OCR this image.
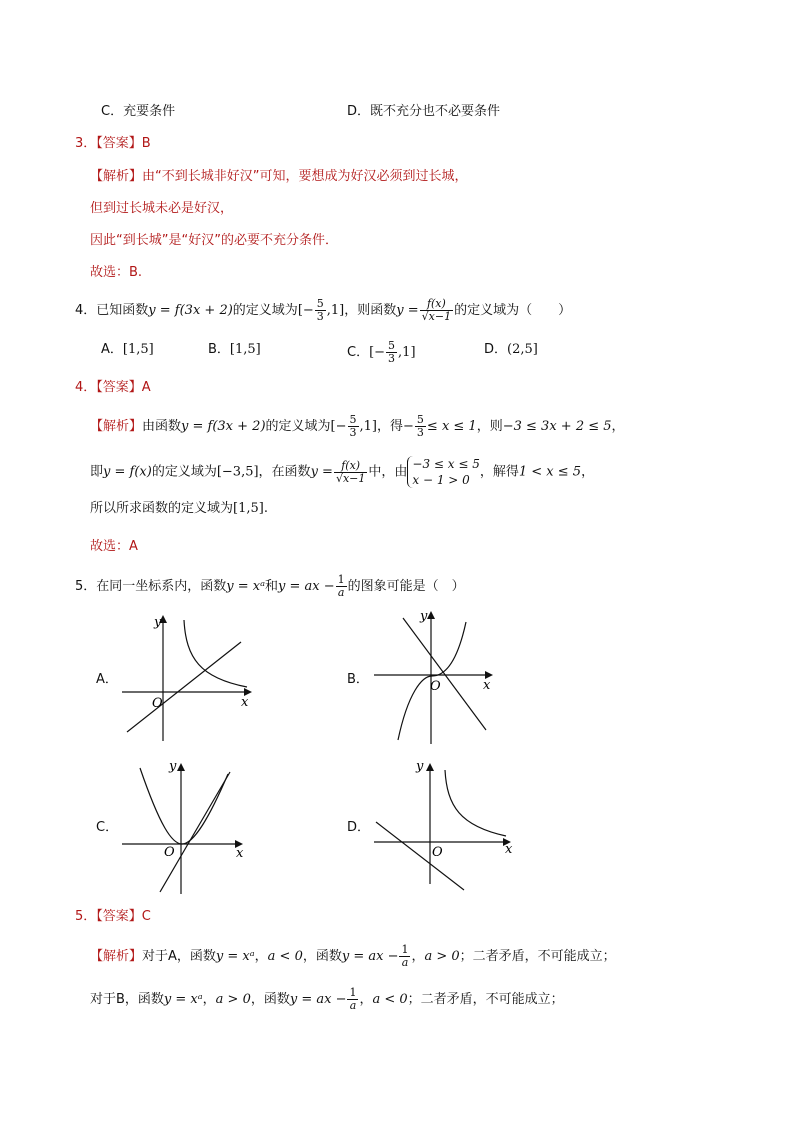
C．充要条件	D．既不充分也不必要条件
3．【答案】B
【解析】由“不到长城非好汉”可知，要想成为好汉必须到过长城，
但到过长城未必是好汉，
因此“到长城”是“好汉”的必要不充分条件．
故选：B.
4．已知函数y = f(3x + 2)的定义域为[− $\frac{5}{3} ,1$]，则函数$y = \frac{f(x)}{√x-1}$ 的定义域为（　　）
A．[1,5]	B．[1,5]	C．[− $\frac{5}{3} ,1$]	D．(2,5]
4．【答案】A
【解析】由函数y = f(3x + 2)的定义域为[− $\frac{5}{3} ,1$]，得− $\frac{5}{3} \le x \le 1$，则−3 ≤ 3x + 2 ≤ 5，
即y = f(x)的定义域为[−3,5]，在函数$y = \frac{f(x)}{√x-1}$ 中，由
−3 ≤ x ≤ 5
x − 1 > 0
，解得1 < x ≤ 5，
所以所求函数的定义域为[1,5].
故选：A
5．在同一坐标系内，函数y = xᵃ和y = ax − $\frac{1}{a}$ 的图象可能是（　）
A．	B．
C．	D．
x
y
O
x
y
O
x
y
O	x
y
O
5．【答案】C
【解析】对于A，函数y = xᵃ，a < 0，函数y = ax − $\frac{1}{a}$ ，a > 0；二者矛盾，不可能成立；
对于B，函数y = xᵃ，a > 0，函数y = ax − $\frac{1}{a}$ ，a < 0；二者矛盾，不可能成立；
